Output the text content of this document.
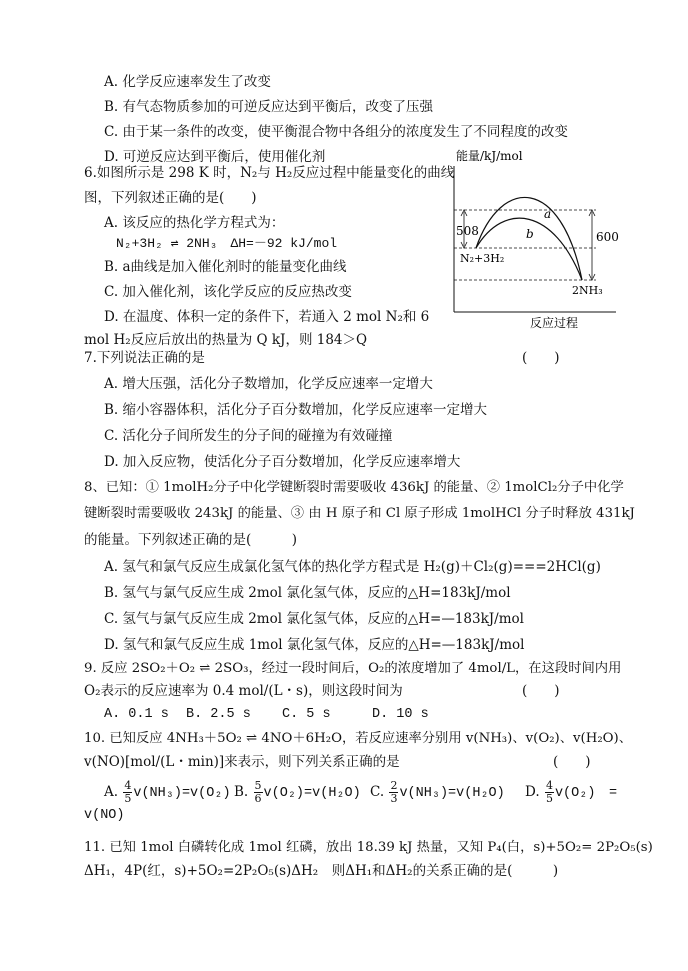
A. 化学反应速率发生了改变
B. 有气态物质参加的可逆反应达到平衡后，改变了压强
C. 由于某一条件的改变，使平衡混合物中各组分的浓度发生了不同程度的改变
D. 可逆反应达到平衡后，使用催化剂
6.如图所示是 298 K 时，N₂与 H₂反应过程中能量变化的曲线
图，下列叙述正确的是(　　)
A. 该反应的热化学方程式为：
N₂+3H₂ ⇌ 2NH₃　ΔH=－92 kJ/mol
B. a曲线是加入催化剂时的能量变化曲线
C. 加入催化剂，该化学反应的反应热改变
D. 在温度、体积一定的条件下，若通入 2 mol N₂和 6
mol H₂反应后放出的热量为 Q kJ，则 184＞Q
能量/kJ/mol
a
b
508	600
N₂+3H₂
2NH₃
反应过程
7.下列说法正确的是	(　　)
A. 增大压强，活化分子数增加，化学反应速率一定增大
B. 缩小容器体积，活化分子百分数增加，化学反应速率一定增大
C. 活化分子间所发生的分子间的碰撞为有效碰撞
D. 加入反应物，使活化分子百分数增加，化学反应速率增大
8、已知：① 1molH₂分子中化学键断裂时需要吸收 436kJ 的能量、② 1molCl₂分子中化学
键断裂时需要吸收 243kJ 的能量、③ 由 H 原子和 Cl 原子形成 1molHCl 分子时释放 431kJ
的能量。下列叙述正确的是(　　　)
A. 氢气和氯气反应生成氯化氢气体的热化学方程式是 H₂(g)＋Cl₂(g)===2HCl(g)
B. 氢气与氯气反应生成 2mol 氯化氢气体，反应的△H=183kJ/mol
C. 氢气与氯气反应生成 2mol 氯化氢气体，反应的△H=—183kJ/mol
D. 氢气和氯气反应生成 1mol 氯化氢气体，反应的△H=—183kJ/mol
9. 反应 2SO₂＋O₂ ⇌ 2SO₃，经过一段时间后，O₂的浓度增加了 4mol/L，在这段时间内用
O₂表示的反应速率为 0.4 mol/(L・s)，则这段时间为	(　　)
A. 0.1 s B. 2.5 s C. 5 s	D. 10 s
10. 已知反应 4NH₃＋5O₂ ⇌ 4NO＋6H₂O，若反应速率分别用 v(NH₃)、v(O₂)、v(H₂O)、
v(NO)[mol/(L・min)]来表示，则下列关系正确的是	(　　)
A. $\frac{4}{5} v(NH_3)=v(O_2)$ B. $\frac{5}{6} v(O_2)=v(H_2O)$ C. $\frac{2}{3} v(NH_3)=v(H_2O)$ D. $\frac{4}{5} v(O_2)$　=
v(NO)
11. 已知 1mol 白磷转化成 1mol 红磷，放出 18.39 kJ 热量，又知 P₄(白，s)+5O₂= 2P₂O₅(s)
ΔH₁，4P(红，s)+5O₂=2P₂O₅(s)ΔH₂　则ΔH₁和ΔH₂的关系正确的是(　　　)
